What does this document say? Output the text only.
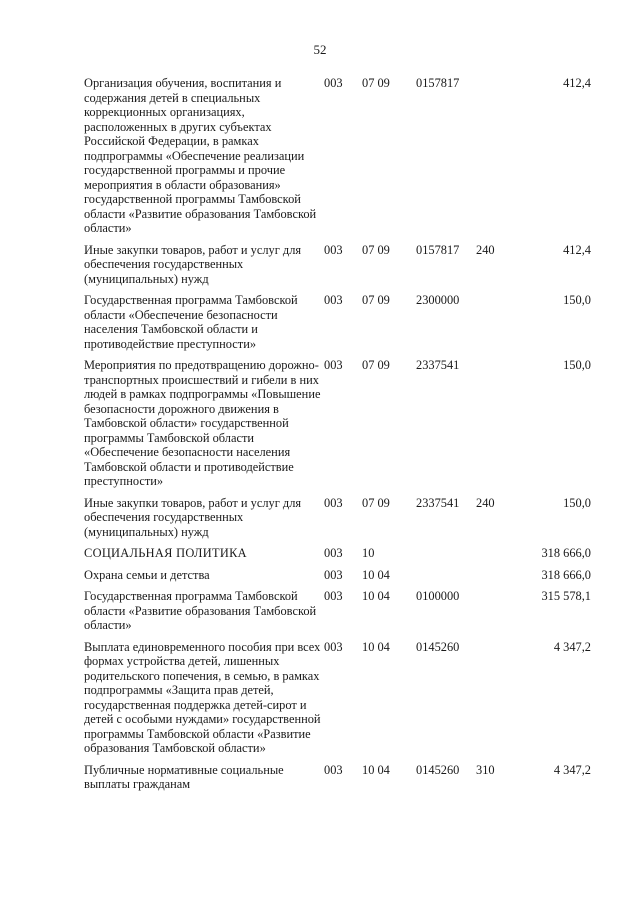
52
Организация обучения, воспитания и содержания детей в специальных коррекционных организациях, расположенных в других субъектах Российской Федерации, в рамках подпрограммы «Обеспечение реализации государственной программы и прочие мероприятия в области образования» государственной программы Тамбовской области «Развитие образования Тамбовской области»	003	07 09	0157817		412,4
Иные закупки товаров, работ и услуг для обеспечения государственных (муниципальных) нужд	003	07 09	0157817	240	412,4
Государственная программа Тамбовской области «Обеспечение безопасности населения Тамбовской области и противодействие преступности»	003	07 09	2300000		150,0
Мероприятия по предотвращению дорожно-транспортных происшествий и гибели в них людей в рамках подпрограммы «Повышение безопасности дорожного движения в Тамбовской области» государственной программы Тамбовской области «Обеспечение безопасности населения Тамбовской области и противодействие преступности»	003	07 09	2337541		150,0
Иные закупки товаров, работ и услуг для обеспечения государственных (муниципальных) нужд	003	07 09	2337541	240	150,0
СОЦИАЛЬНАЯ ПОЛИТИКА	003	10			318 666,0
Охрана семьи и детства	003	10 04			318 666,0
Государственная программа Тамбовской области «Развитие образования Тамбовской области»	003	10 04	0100000		315 578,1
Выплата единовременного пособия при всех формах устройства детей, лишенных родительского попечения, в семью, в рамках подпрограммы «Защита прав детей, государственная поддержка детей-сирот и детей с особыми нуждами» государственной программы Тамбовской области «Развитие образования Тамбовской области»	003	10 04	0145260		4 347,2
Публичные нормативные социальные выплаты гражданам	003	10 04	0145260	310	4 347,2
